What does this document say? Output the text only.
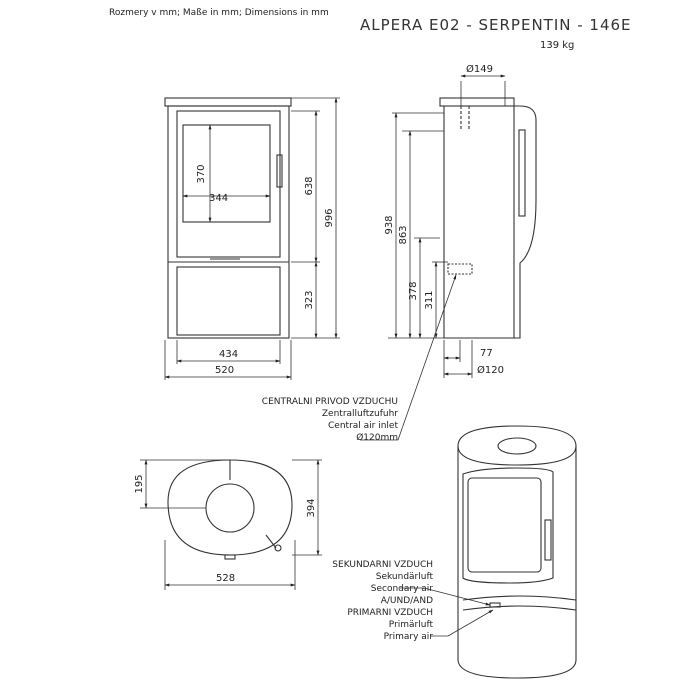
Rozmery v mm; Maße in mm; Dimensions in mm
ALPERA E02 - SERPENTIN - 146E
139 kg
344
370
434
520
638
996
323
Ø149
938
863
378 311
77
Ø120
195
394
528
CENTRALNI PRIVOD VZDUCHU
Zentralluftzufuhr
Central air inlet
Ø120mm
SEKUNDARNI VZDUCH
Sekundärluft
Secondary air
A/UND/AND
PRIMARNI VZDUCH
Primärluft
Primary air
